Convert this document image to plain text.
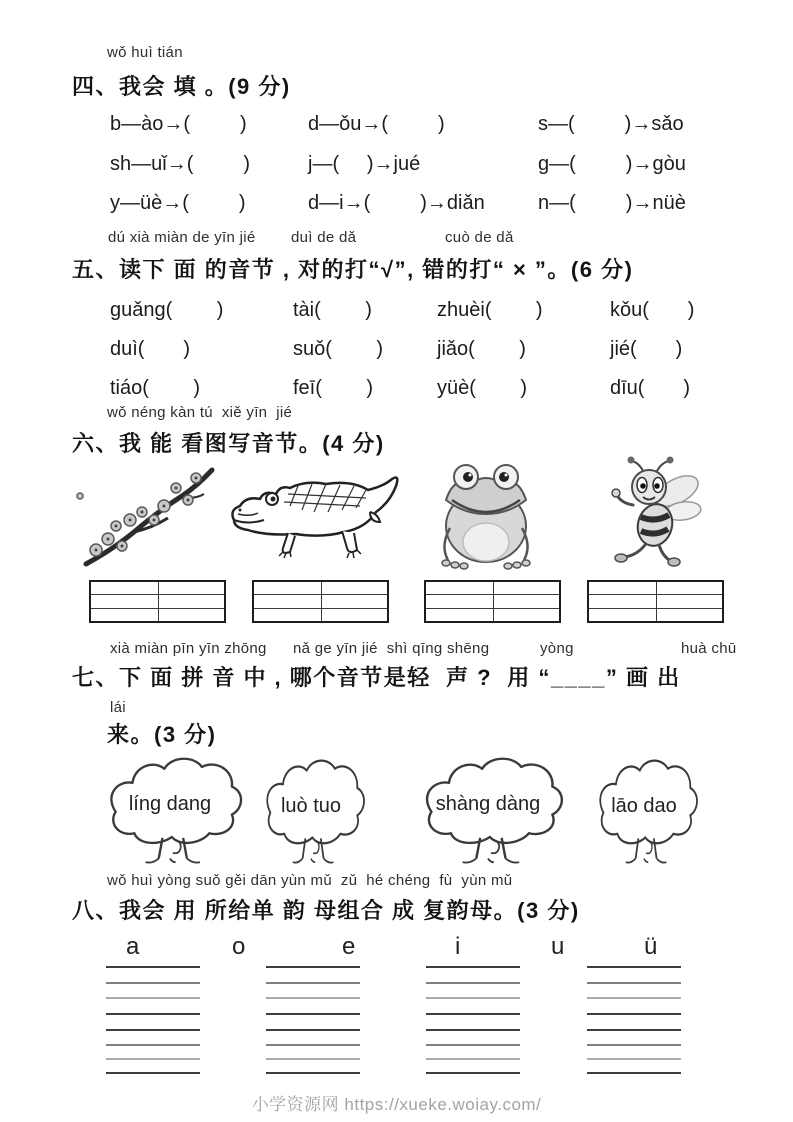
wǒ huì tián
四、我会 填 。(9 分)
b—ào→(         )	d—ǒu→(         )	s—(         )→sǎo
sh—uǐ→(         )	j—(     )→jué	g—(         )→gòu
y—üè→(         )	d—i→(         )→diǎn	n—(         )→nüè
dú xià miàn de yīn jié duì de dǎ	cuò de dǎ
五、读下 面 的音节 , 对的打“√”, 错的打“ × ”。(6 分)
guǎng(        )	tài(        )	zhuèi(        )	kǒu(       )
duì(       )	suǒ(        )	jiǎo(        )	jié(       )
tiáo(        )	feī(        )	yüè(        )	dīu(       )
wǒ néng kàn tú  xiě yīn  jié
六、我 能 看图写音节。(4 分)
xià miàn pīn yīn zhōng nǎ ge yīn jié  shì qīng shēng	yòng	huà chū
七、下 面 拼 音 中 , 哪个音节是轻  声 ?  用 “____” 画 出
lái
来。(3 分)
líng dang	luò tuo	shàng dàng	lāo dao
wǒ huì yòng suǒ gěi dān yùn mǔ  zǔ  hé chéng  fù  yùn mǔ
八、我会 用 所给单 韵 母组合 成 复韵母。(3 分)
a	o	e	i	u	ü
小学资源网 https://xueke.woiay.com/
